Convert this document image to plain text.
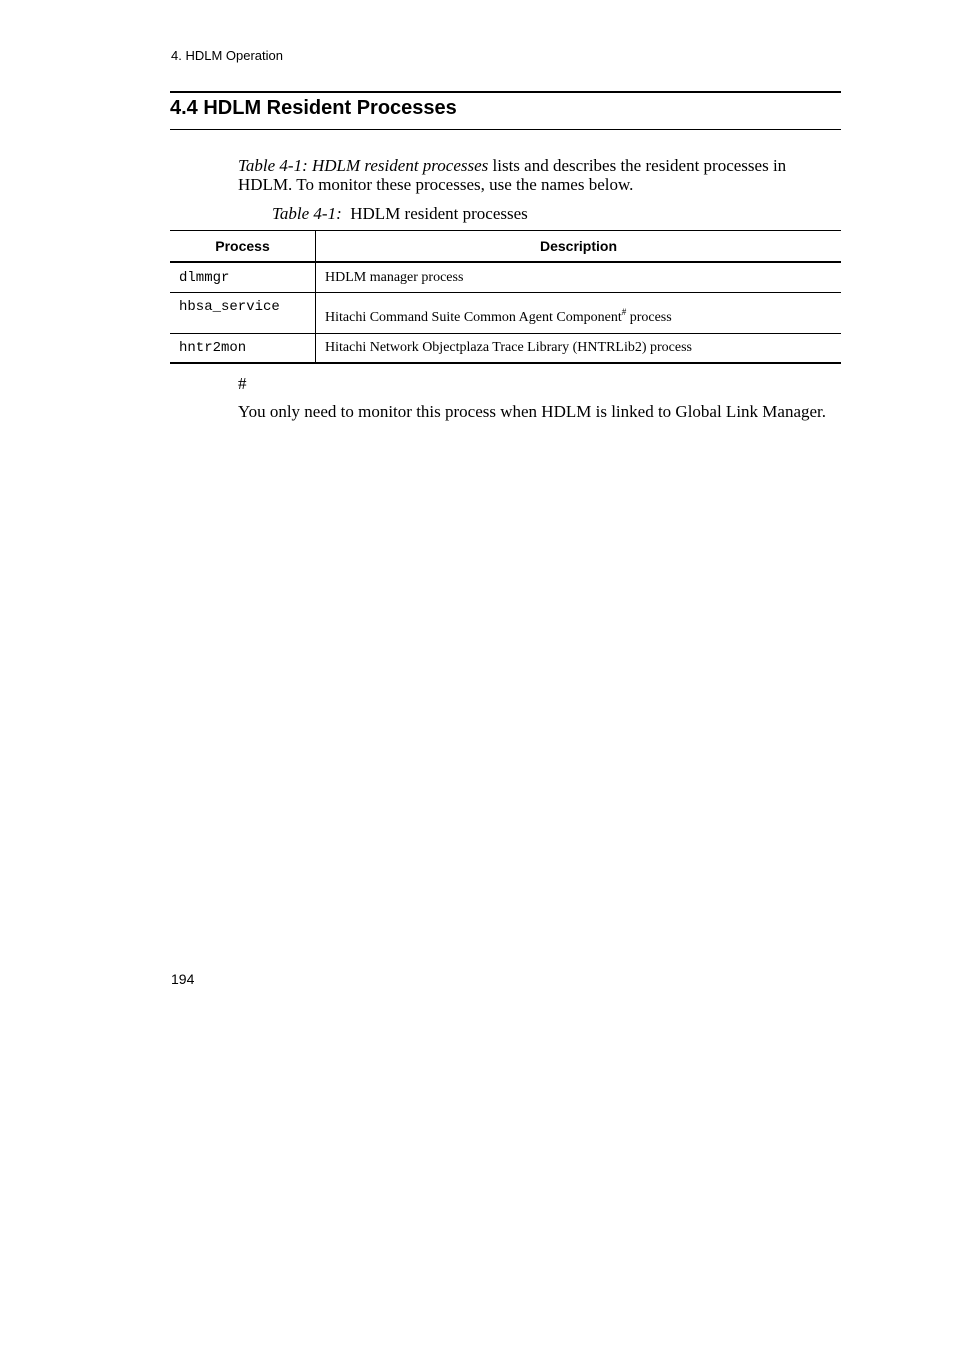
4. HDLM Operation
4.4 HDLM Resident Processes
Table 4-1: HDLM resident processes lists and describes the resident processes in HDLM. To monitor these processes, use the names below.
Table 4-1:  HDLM resident processes
Process	Description
dlmmgr	HDLM manager process
hbsa_service	Hitachi Command Suite Common Agent Component# process
hntr2mon	Hitachi Network Objectplaza Trace Library (HNTRLib2) process
#
You only need to monitor this process when HDLM is linked to Global Link Manager.
194
